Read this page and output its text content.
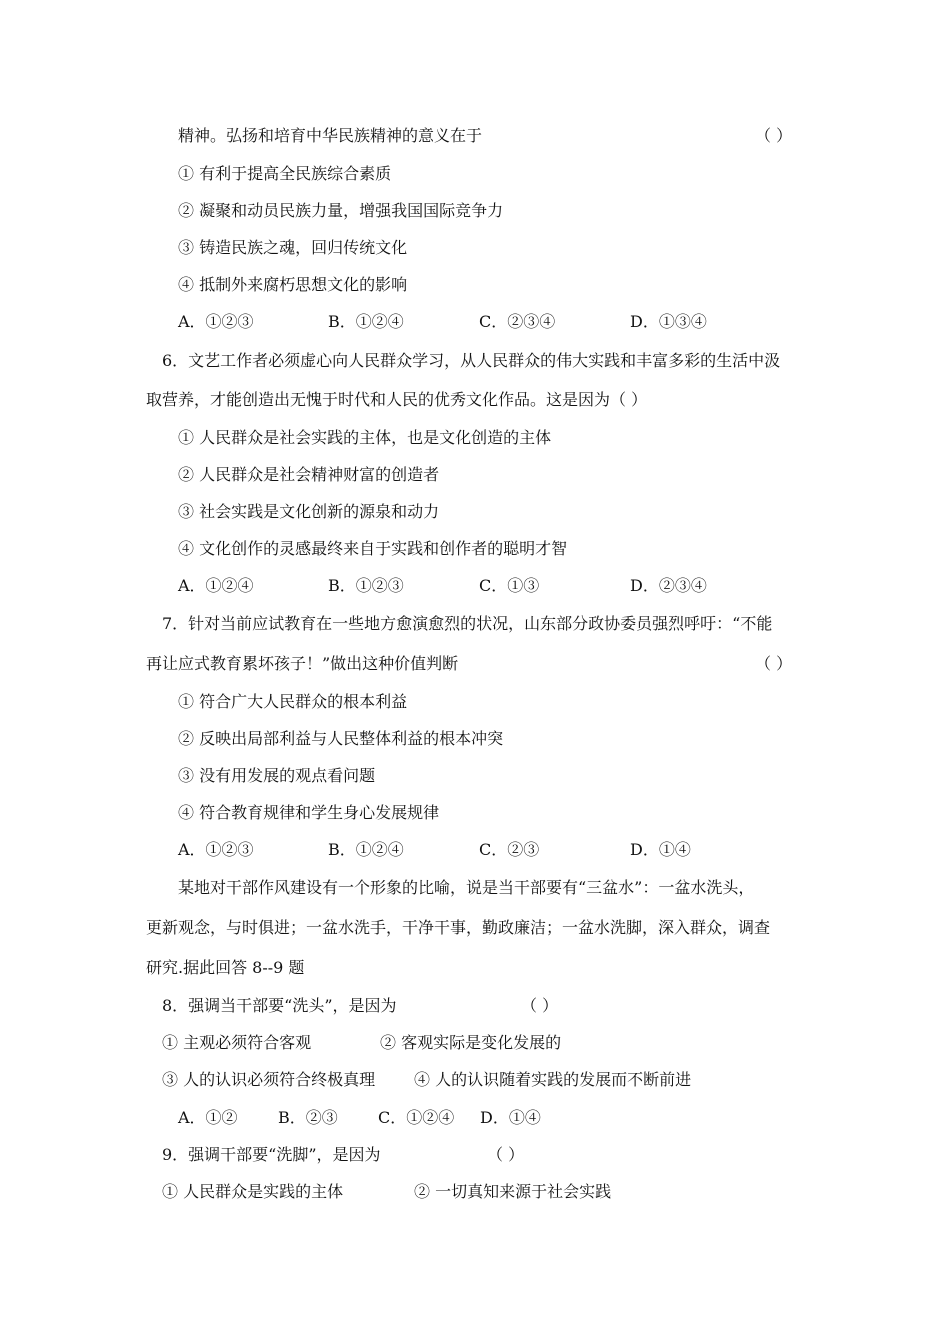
精神。弘扬和培育中华民族精神的意义在于	（ ）
① 有利于提高全民族综合素质
② 凝聚和动员民族力量，增强我国国际竞争力
③ 铸造民族之魂，回归传统文化
④ 抵制外来腐朽思想文化的影响
A．①②③	B．①②④	C．②③④	D．①③④
6．文艺工作者必须虚心向人民群众学习，从人民群众的伟大实践和丰富多彩的生活中汲
取营养，才能创造出无愧于时代和人民的优秀文化作品。这是因为（ ）
① 人民群众是社会实践的主体，也是文化创造的主体
② 人民群众是社会精神财富的创造者
③ 社会实践是文化创新的源泉和动力
④ 文化创作的灵感最终来自于实践和创作者的聪明才智
A．①②④	B．①②③	C．①③	D．②③④
7．针对当前应试教育在一些地方愈演愈烈的状况，山东部分政协委员强烈呼吁：“不能
再让应式教育累坏孩子！”做出这种价值判断	（ ）
① 符合广大人民群众的根本利益
② 反映出局部利益与人民整体利益的根本冲突
③ 没有用发展的观点看问题
④ 符合教育规律和学生身心发展规律
A．①②③	B．①②④	C．②③	D．①④
某地对干部作风建设有一个形象的比喻，说是当干部要有“三盆水”：一盆水洗头，
更新观念，与时俱进；一盆水洗手，干净干事，勤政廉洁；一盆水洗脚，深入群众，调查
研究.据此回答 8--9 题
8．强调当干部要“洗头”，是因为	（ ）
① 主观必须符合客观	② 客观实际是变化发展的
③ 人的认识必须符合终极真理 ④ 人的认识随着实践的发展而不断前进
A．①②	B．②③	C．①②④ D．①④
9．强调干部要“洗脚”，是因为	（ ）
① 人民群众是实践的主体	② 一切真知来源于社会实践
